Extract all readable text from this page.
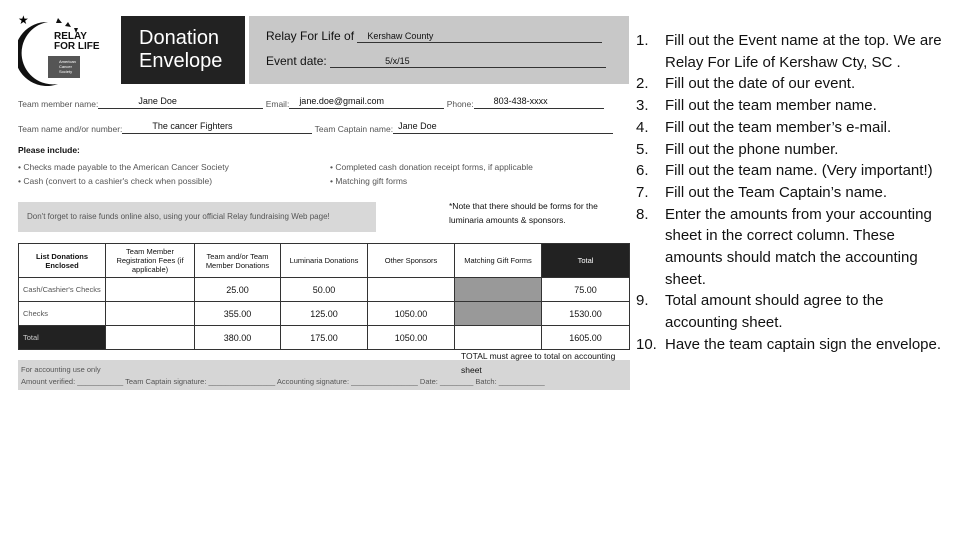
★
RELAY FOR LIFE
American Cancer Society
Donation
Envelope
Relay For Life of Kershaw County
Event date:	5/x/15
Team member name:	Jane Doe	Email: jane.doe@gmail.com	Phone: 803-438-xxxx
Team name and/or number:	The cancer Fighters	Team Captain name: Jane Doe
Please include:
• Checks made payable to the American Cancer Society
• Cash (convert to a cashier's check when possible)
• Completed cash donation receipt forms, if applicable
• Matching gift forms
Don't forget to raise funds online also, using your official Relay fundraising Web page!
*Note that there should be forms for the luminaria amounts & sponsors.
List Donations Enclosed	Team Member Registration Fees (if applicable)	Team and/or Team Member Donations	Luminaria Donations	Other Sponsors	Matching Gift Forms	Total
Cash/Cashier's Checks		25.00	50.00			75.00
Checks		355.00	125.00	1050.00		1530.00
Total		380.00	175.00	1050.00		1605.00
For accounting use only
Amount verified: ___________ Team Captain signature: ________________ Accounting signature: ________________ Date: ________ Batch: ___________
TOTAL must agree to total on accounting sheet
1. Fill out the Event name at the top. We are Relay For Life of Kershaw Cty, SC .
2. Fill out the date of our event.
3. Fill out the team member name.
4. Fill out the team member’s e-mail.
5. Fill out the phone number.
6. Fill out the team name. (Very important!)
7. Fill out the Team Captain’s name.
8. Enter the amounts from your accounting sheet in the correct column. These amounts should match the accounting sheet.
9. Total amount should agree to the accounting sheet.
10. Have the team captain sign the envelope.
